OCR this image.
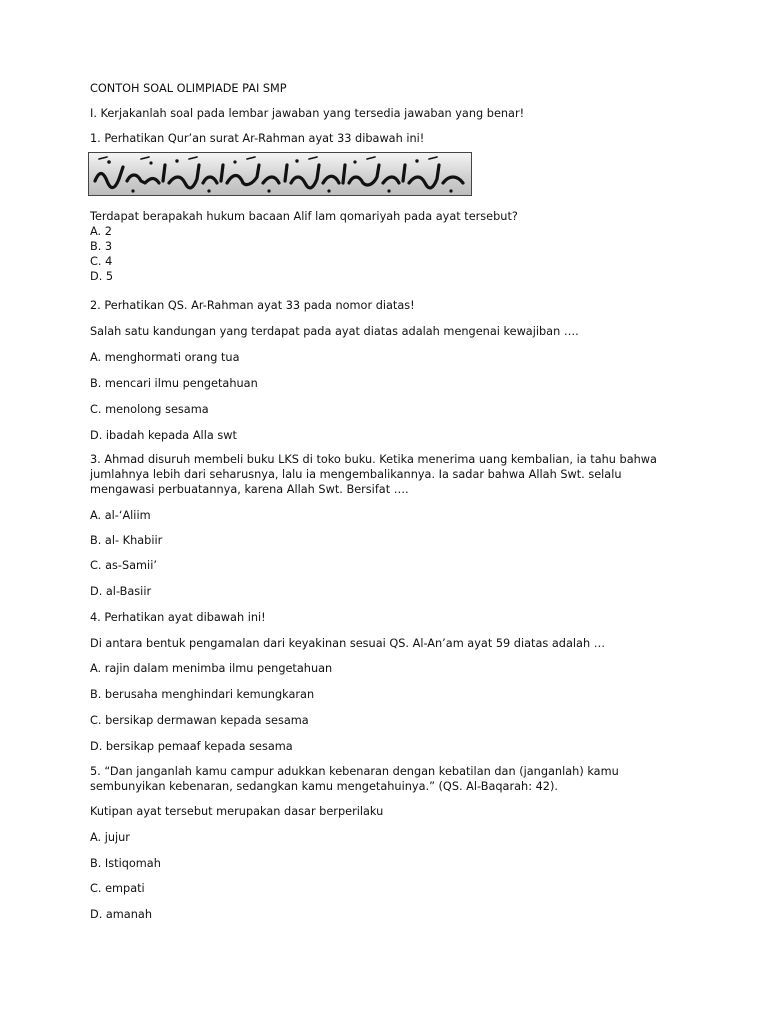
CONTOH SOAL OLIMPIADE PAI SMP
I. Kerjakanlah soal pada lembar jawaban yang tersedia jawaban yang benar!
1. Perhatikan Qur’an surat Ar-Rahman ayat 33 dibawah ini!
Terdapat berapakah hukum bacaan Alif lam qomariyah pada ayat tersebut?
A. 2
B. 3
C. 4
D. 5
2. Perhatikan QS. Ar-Rahman ayat 33 pada nomor diatas!
Salah satu kandungan yang terdapat pada ayat diatas adalah mengenai kewajiban ….
A. menghormati orang tua
B. mencari ilmu pengetahuan
C. menolong sesama
D. ibadah kepada Alla swt
3. Ahmad disuruh membeli buku LKS di toko buku. Ketika menerima uang kembalian, ia tahu bahwa
jumlahnya lebih dari seharusnya, lalu ia mengembalikannya. Ia sadar bahwa Allah Swt. selalu
mengawasi perbuatannya, karena Allah Swt. Bersifat ….
A. al-‘Aliim
B. al- Khabiir
C. as-Samii’
D. al-Basiir
4. Perhatikan ayat dibawah ini!
Di antara bentuk pengamalan dari keyakinan sesuai QS. Al-An’am ayat 59 diatas adalah …
A. rajin dalam menimba ilmu pengetahuan
B. berusaha menghindari kemungkaran
C. bersikap dermawan kepada sesama
D. bersikap pemaaf kepada sesama
5. “Dan janganlah kamu campur adukkan kebenaran dengan kebatilan dan (janganlah) kamu
sembunyikan kebenaran, sedangkan kamu mengetahuinya.” (QS. Al-Baqarah: 42).
Kutipan ayat tersebut merupakan dasar berperilaku
A. jujur
B. Istiqomah
C. empati
D. amanah
